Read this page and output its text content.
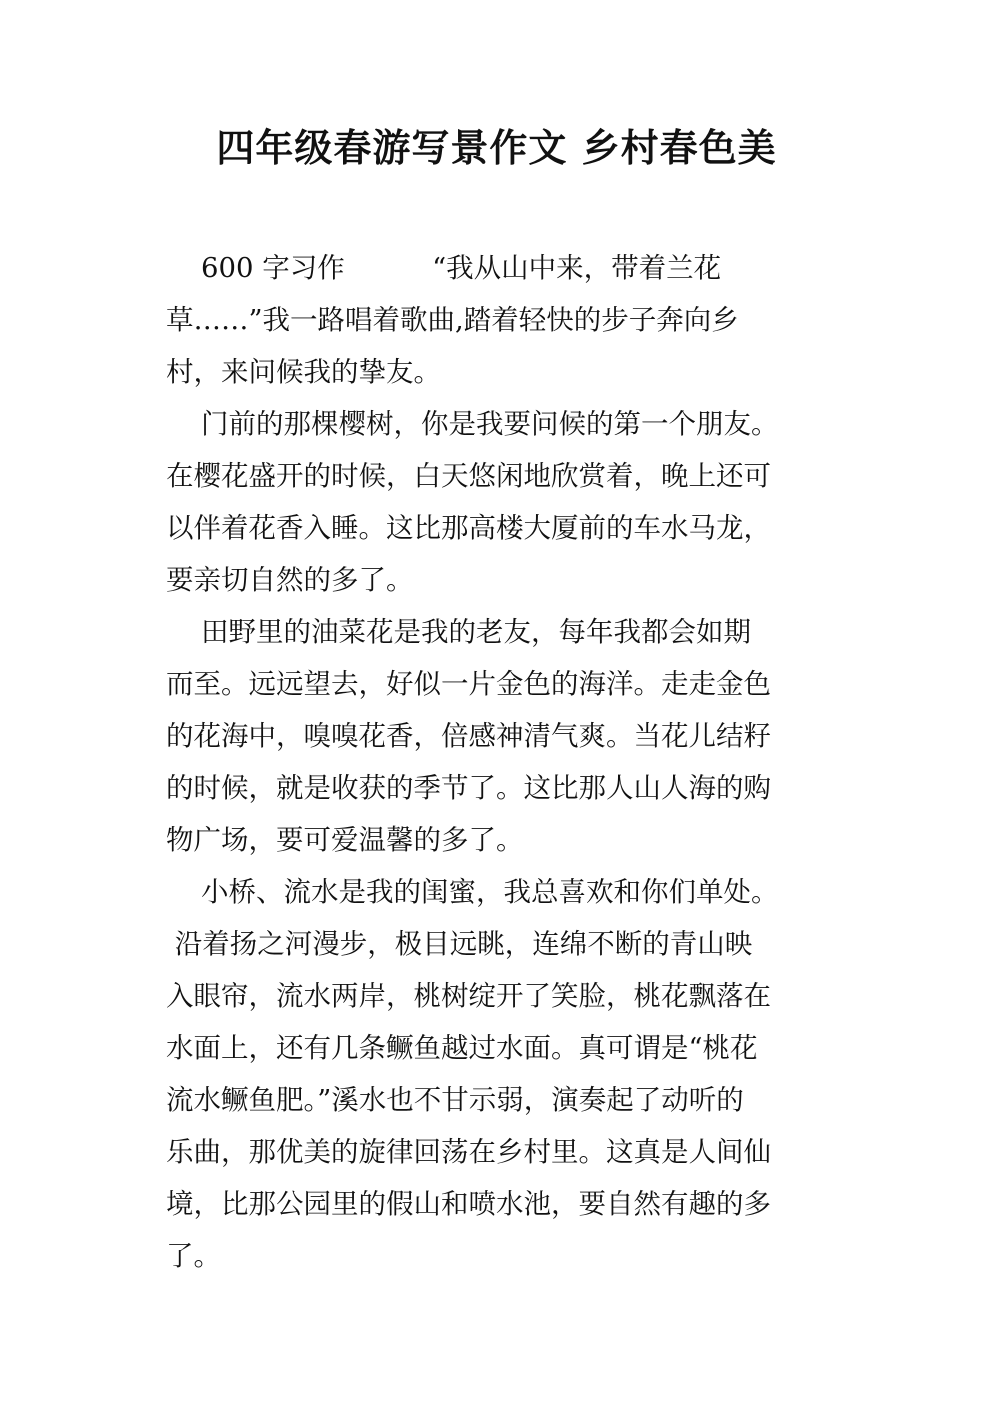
四年级春游写景作文 乡村春色美
600 字习作          “我从山中来，带着兰花
草……”我一路唱着歌曲,踏着轻快的步子奔向乡
村，来问候我的挚友。
门前的那棵樱树，你是我要问候的第一个朋友。
在樱花盛开的时候，白天悠闲地欣赏着，晚上还可
以伴着花香入睡。这比那高楼大厦前的车水马龙，
要亲切自然的多了。
田野里的油菜花是我的老友，每年我都会如期
而至。远远望去，好似一片金色的海洋。走走金色
的花海中，嗅嗅花香，倍感神清气爽。当花儿结籽
的时候，就是收获的季节了。这比那人山人海的购
物广场，要可爱温馨的多了。
小桥、流水是我的闺蜜，我总喜欢和你们单处。
沿着扬之河漫步，极目远眺，连绵不断的青山映
入眼帘，流水两岸，桃树绽开了笑脸，桃花飘落在
水面上，还有几条鳜鱼越过水面。真可谓是“桃花
流水鳜鱼肥。”溪水也不甘示弱，演奏起了动听的
乐曲，那优美的旋律回荡在乡村里。这真是人间仙
境，比那公园里的假山和喷水池，要自然有趣的多
了。
